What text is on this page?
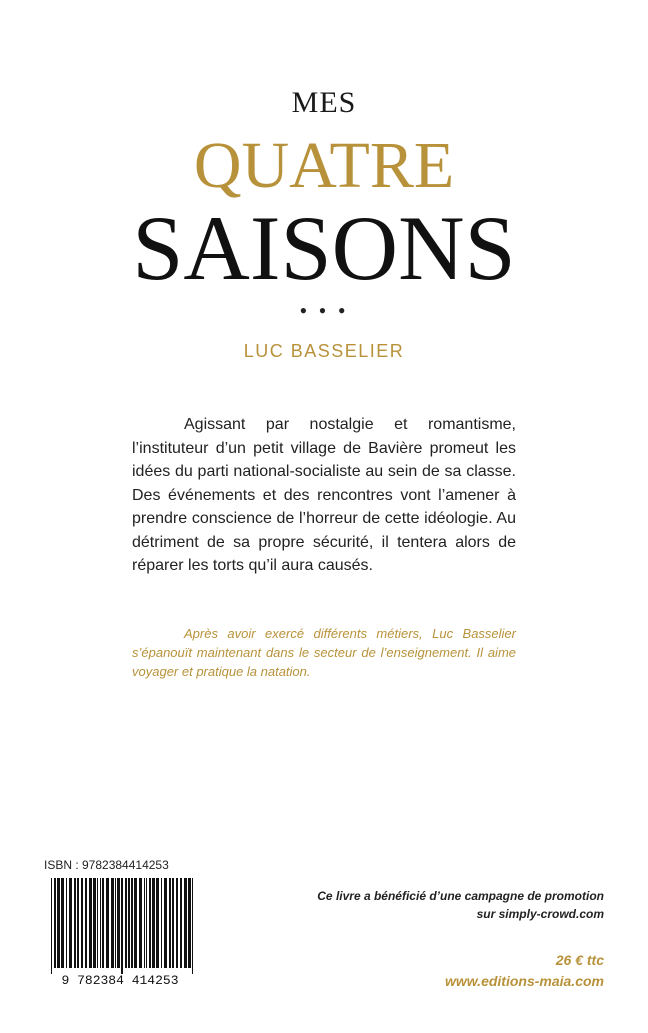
MES
QUATRE
SAISONS
• • •
LUC BASSELIER

Agissant par nostalgie et romantisme, l’instituteur d’un petit village de Bavière promeut les idées du parti national-socialiste au sein de sa classe. Des événements et des rencontres vont l’amener à prendre conscience de l’horreur de cette idéologie. Au détriment de sa propre sécurité, il tentera alors de réparer les torts qu’il aura causés.

Après avoir exercé différents métiers, Luc Basselier s’épanouït maintenant dans le secteur de l’enseignement. Il aime voyager et pratique la natation.

ISBN : 9782384414253
9 782384 414253
Ce livre a bénéficié d’une campagne de promotion
sur simply-crowd.com
26 € ttc
www.editions-maia.com
